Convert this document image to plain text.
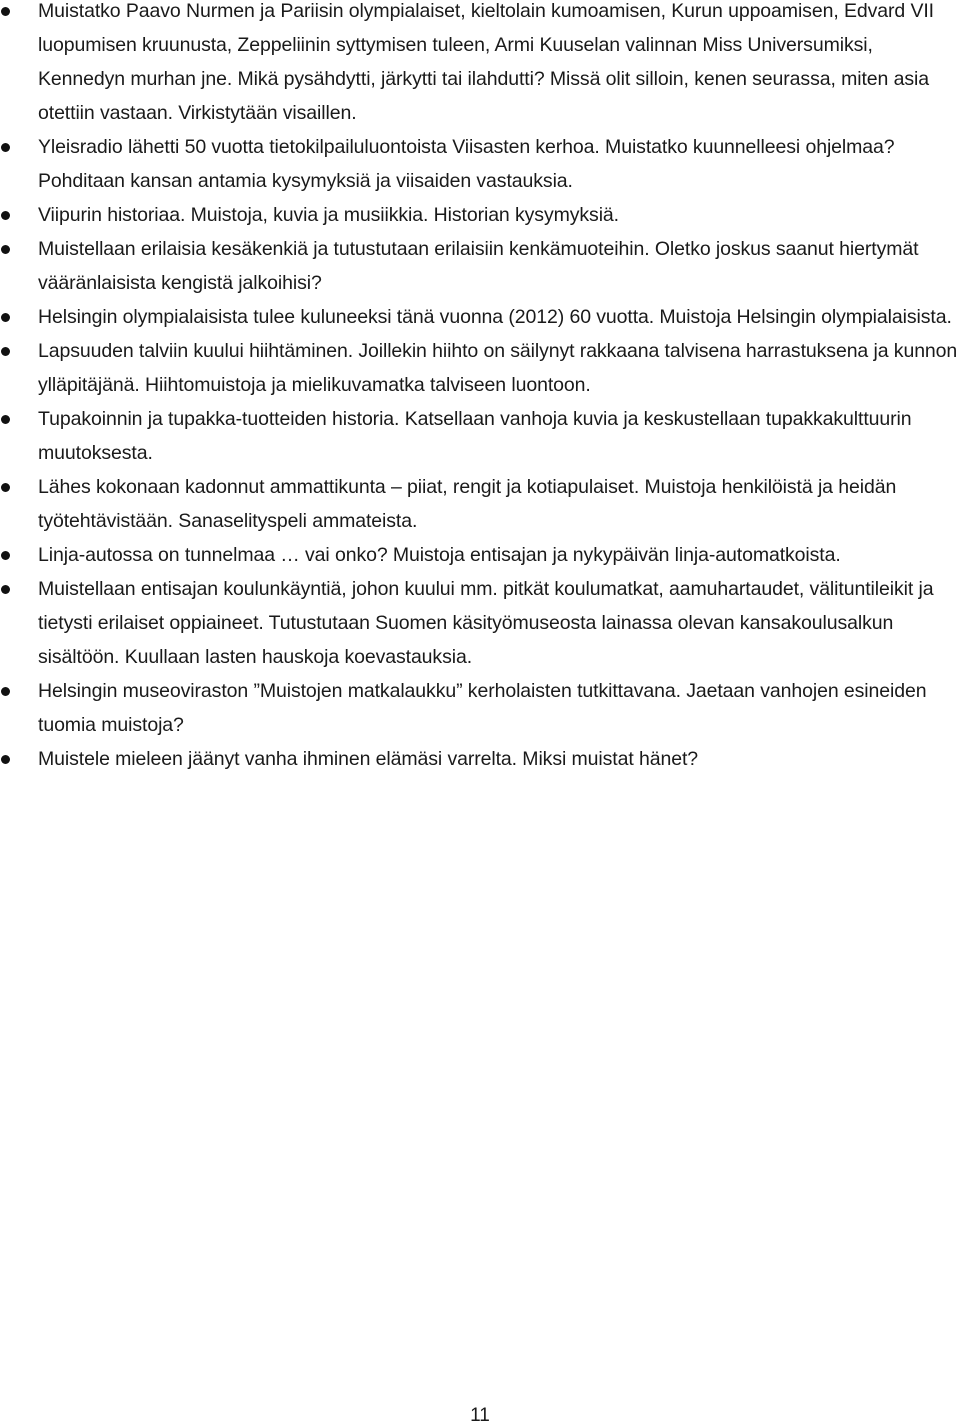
Muistatko Paavo Nurmen ja Pariisin olympialaiset, kieltolain kumoamisen, Kurun uppoamisen, Edvard VII luopumisen kruunusta, Zeppeliinin syttymisen tuleen, Armi Kuuselan valinnan Miss Universumiksi, Kennedyn murhan jne. Mikä pysähdytti, järkytti tai ilahdutti? Missä olit silloin, kenen seurassa, miten asia otettiin vastaan. Virkistytään visaillen.
Yleisradio lähetti 50 vuotta tietokilpailuluontoista Viisasten kerhoa. Muistatko kuunnelleesi ohjelmaa? Pohditaan kansan antamia kysymyksiä ja viisaiden vastauksia.
Viipurin historiaa. Muistoja, kuvia ja musiikkia. Historian kysymyksiä.
Muistellaan erilaisia kesäkenkiä ja tutustutaan erilaisiin kenkämuoteihin. Oletko joskus saanut hiertymät vääränlaisista kengistä jalkoihisi?
Helsingin olympialaisista tulee kuluneeksi tänä vuonna (2012) 60 vuotta. Muistoja Helsingin olympialaisista.
Lapsuuden talviin kuului hiihtäminen. Joillekin hiihto on säilynyt rakkaana talvisena harrastuksena ja kunnon ylläpitäjänä. Hiihtomuistoja ja mielikuvamatka talviseen luontoon.
Tupakoinnin ja tupakka-tuotteiden historia. Katsellaan vanhoja kuvia ja keskustellaan tupakkakulttuurin muutoksesta.
Lähes kokonaan kadonnut ammattikunta – piiat, rengit ja kotiapulaiset. Muistoja henkilöistä ja heidän työtehtävistään. Sanaselityspeli ammateista.
Linja-autossa on tunnelmaa … vai onko? Muistoja entisajan ja nykypäivän linja-automatkoista.
Muistellaan entisajan koulunkäyntiä, johon kuului mm. pitkät koulumatkat, aamuhartaudet, välituntileikit ja tietysti erilaiset oppiaineet. Tutustutaan Suomen käsityömuseosta lainassa olevan kansakoulusalkun sisältöön. Kuullaan lasten hauskoja koevastauksia.
Helsingin museoviraston ”Muistojen matkalaukku” kerholaisten tutkittavana. Jaetaan vanhojen esineiden tuomia muistoja?
Muistele mieleen jäänyt vanha ihminen elämäsi varrelta. Miksi muistat hänet?
11
